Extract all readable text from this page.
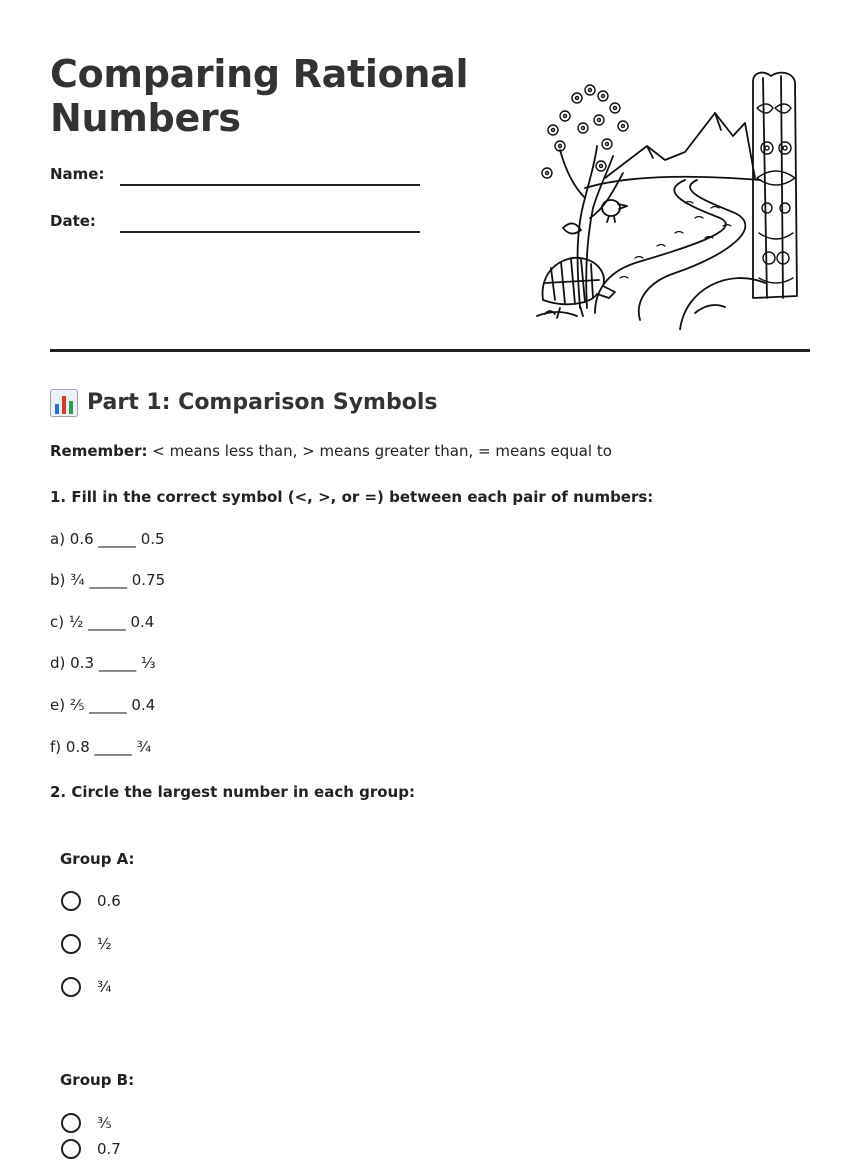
Comparing Rational
Numbers
Name:
Date:
Part 1: Comparison Symbols
Remember: < means less than, > means greater than, = means equal to
1. Fill in the correct symbol (<, >, or =) between each pair of numbers:
a) 0.6 _____ 0.5
b) ¾ _____ 0.75
c) ½ _____ 0.4
d) 0.3 _____ ⅓
e) ⅖ _____ 0.4
f) 0.8 _____ ¾
2. Circle the largest number in each group:
Group A:
0.6
½
¾
Group B:
⅗
0.7
